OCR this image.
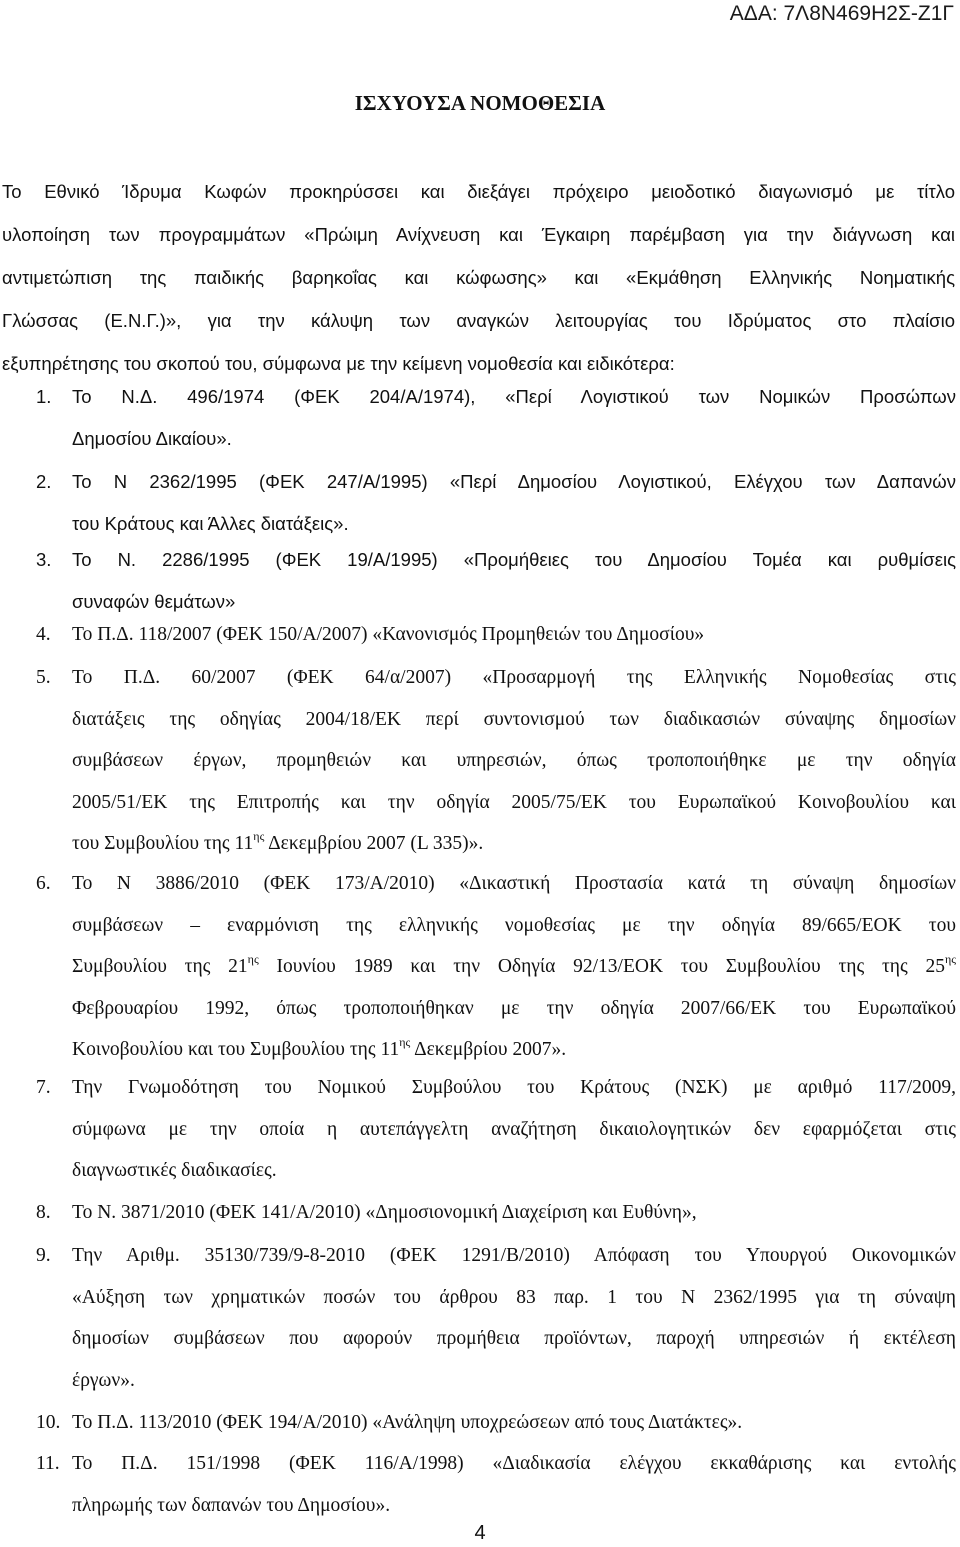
ΑΔΑ: 7Λ8Ν469Η2Σ-Ζ1Γ
ΙΣΧΥΟΥΣΑ ΝΟΜΟΘΕΣΙΑ
Το Εθνικό Ίδρυμα Κωφών προκηρύσσει και διεξάγει πρόχειρο μειοδοτικό διαγωνισμό με τίτλο
υλοποίηση των προγραμμάτων «Πρώιμη Ανίχνευση και Έγκαιρη παρέμβαση για την διάγνωση και
αντιμετώπιση της παιδικής βαρηκοΐας και κώφωσης» και «Εκμάθηση Ελληνικής Νοηματικής
Γλώσσας (Ε.Ν.Γ.)», για την κάλυψη των αναγκών λειτουργίας του Ιδρύματος στο πλαίσιο
εξυπηρέτησης του σκοπού του, σύμφωνα με την κείμενη νομοθεσία και ειδικότερα:
1. Το Ν.Δ. 496/1974 (ΦΕΚ 204/Α/1974), «Περί Λογιστικού των Νομικών Προσώπων
Δημοσίου Δικαίου».
2. Το Ν 2362/1995 (ΦΕΚ 247/Α/1995) «Περί Δημοσίου Λογιστικού, Ελέγχου των Δαπανών
του Κράτους και Άλλες διατάξεις».
3. Το Ν. 2286/1995 (ΦΕΚ 19/Α/1995) «Προμήθειες του Δημοσίου Τομέα και ρυθμίσεις
συναφών θεμάτων»
4. Το Π.Δ. 118/2007 (ΦΕΚ 150/Α/2007) «Κανονισμός Προμηθειών του Δημοσίου»
5. Το Π.Δ. 60/2007 (ΦΕΚ 64/α/2007) «Προσαρμογή της Ελληνικής Νομοθεσίας στις
διατάξεις της οδηγίας 2004/18/ΕΚ περί συντονισμού των διαδικασιών σύναψης δημοσίων
συμβάσεων έργων, προμηθειών και υπηρεσιών, όπως τροποποιήθηκε με την οδηγία
2005/51/ΕΚ της Επιτροπής και την οδηγία 2005/75/ΕΚ του Ευρωπαϊκού Κοινοβουλίου και
του Συμβουλίου της $11^{\eta\varsigma}$ Δεκεμβρίου 2007 (L 335)».
6. Το Ν 3886/2010 (ΦΕΚ 173/Α/2010) «Δικαστική Προστασία κατά τη σύναψη δημοσίων
συμβάσεων – εναρμόνιση της ελληνικής νομοθεσίας με την οδηγία 89/665/ΕΟΚ του
Συμβουλίου της $21^{\eta\varsigma}$ Ιουνίου 1989 και την Οδηγία 92/13/ΕΟΚ του Συμβουλίου της της $25^{\eta\varsigma}$
Φεβρουαρίου 1992, όπως τροποποιήθηκαν με την οδηγία 2007/66/ΕΚ του Ευρωπαϊκού
Κοινοβουλίου και του Συμβουλίου της $11^{\eta\varsigma}$ Δεκεμβρίου 2007».
7. Την Γνωμοδότηση του Νομικού Συμβούλου του Κράτους (ΝΣΚ) με αριθμό 117/2009,
σύμφωνα με την οποία η αυτεπάγγελτη αναζήτηση δικαιολογητικών δεν εφαρμόζεται στις
διαγνωστικές διαδικασίες.
8. Το Ν. 3871/2010 (ΦΕΚ 141/Α/2010) «Δημοσιονομική Διαχείριση και Ευθύνη»,
9. Την Αριθμ. 35130/739/9-8-2010 (ΦΕΚ 1291/Β/2010) Απόφαση του Υπουργού Οικονομικών
«Αύξηση των χρηματικών ποσών του άρθρου 83 παρ. 1 του Ν 2362/1995 για τη σύναψη
δημοσίων συμβάσεων που αφορούν προμήθεια προϊόντων, παροχή υπηρεσιών ή εκτέλεση
έργων».
10. Το Π.Δ. 113/2010 (ΦΕΚ 194/Α/2010) «Ανάληψη υποχρεώσεων από τους Διατάκτες».
11. Το Π.Δ. 151/1998 (ΦΕΚ 116/Α/1998) «Διαδικασία ελέγχου εκκαθάρισης και εντολής
πληρωμής των δαπανών του Δημοσίου».
4
